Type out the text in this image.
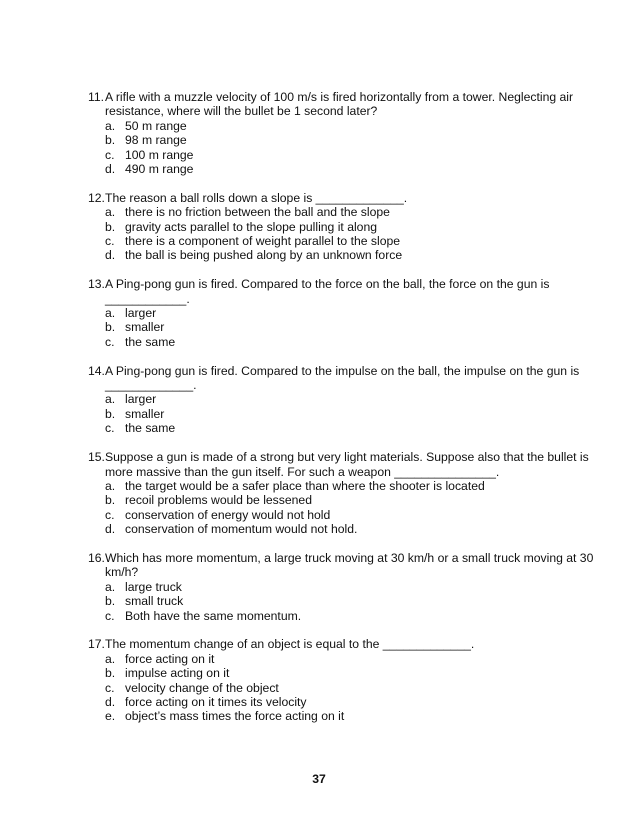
11. A rifle with a muzzle velocity of 100 m/s is fired horizontally from a tower. Neglecting air resistance, where will the bullet be 1 second later?
a. 50 m range
b. 98 m range
c. 100 m range
d. 490 m range
12. The reason a ball rolls down a slope is _____________.
a. there is no friction between the ball and the slope
b. gravity acts parallel to the slope pulling it along
c. there is a component of weight parallel to the slope
d. the ball is being pushed along by an unknown force
13. A Ping-pong gun is fired. Compared to the force on the ball, the force on the gun is ____________.
a. larger
b. smaller
c. the same
14. A Ping-pong gun is fired. Compared to the impulse on the ball, the impulse on the gun is _____________.
a. larger
b. smaller
c. the same
15. Suppose a gun is made of a strong but very light materials. Suppose also that the bullet is more massive than the gun itself. For such a weapon _______________.
a. the target would be a safer place than where the shooter is located
b. recoil problems would be lessened
c. conservation of energy would not hold
d. conservation of momentum would not hold.
16. Which has more momentum, a large truck moving at 30 km/h or a small truck moving at 30 km/h?
a. large truck
b. small truck
c. Both have the same momentum.
17. The momentum change of an object is equal to the _____________.
a. force acting on it
b. impulse acting on it
c. velocity change of the object
d. force acting on it times its velocity
e. object’s mass times the force acting on it
37
